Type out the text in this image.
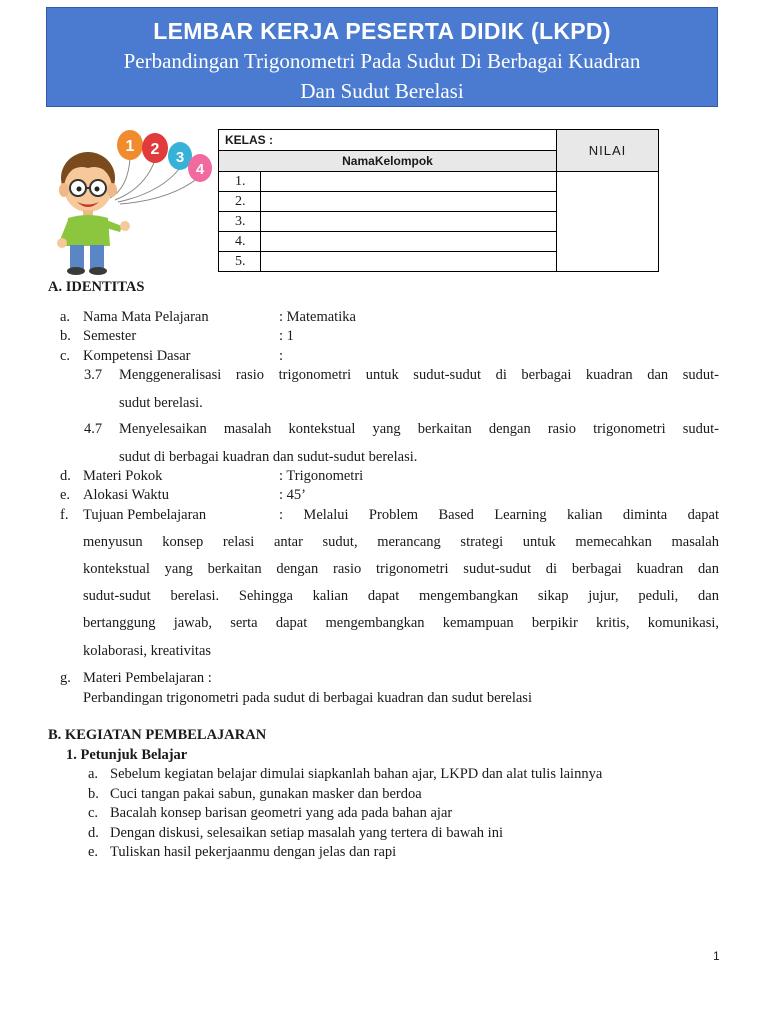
LEMBAR KERJA PESERTA DIDIK (LKPD)
Perbandingan Trigonometri Pada Sudut Di Berbagai Kuadran
Dan Sudut Berelasi
1 2 3
4
KELAS :		NILAI
NamaKelompok		
1.		
2.		
3.		
4.		
5.		
A. IDENTITAS
a. Nama Mata Pelajaran	: Matematika
b. Semester	: 1
c. Kompetensi Dasar	:
3.7 Menggeneralisasi rasio trigonometri untuk sudut-sudut di berbagai kuadran dan sudut-
sudut berelasi.
4.7 Menyelesaikan masalah kontekstual yang berkaitan dengan rasio trigonometri sudut-
sudut di berbagai kuadran dan sudut-sudut berelasi.
d. Materi Pokok	: Trigonometri
e. Alokasi Waktu	: 45’
f. Tujuan Pembelajaran	: Melalui Problem Based Learning kalian diminta dapat
menyusun konsep relasi antar sudut, merancang strategi untuk memecahkan masalah
kontekstual yang berkaitan dengan rasio trigonometri sudut-sudut di berbagai kuadran dan
sudut-sudut berelasi. Sehingga kalian dapat mengembangkan sikap jujur, peduli, dan
bertanggung jawab, serta dapat mengembangkan kemampuan berpikir kritis, komunikasi,
kolaborasi, kreativitas
g. Materi Pembelajaran :
Perbandingan trigonometri pada sudut di berbagai kuadran dan sudut berelasi
B. KEGIATAN PEMBELAJARAN
1. Petunjuk Belajar
a. Sebelum kegiatan belajar dimulai siapkanlah bahan ajar, LKPD dan alat tulis lainnya
b. Cuci tangan pakai sabun, gunakan masker dan berdoa
c. Bacalah konsep barisan geometri yang ada pada bahan ajar
d. Dengan diskusi, selesaikan setiap masalah yang tertera di bawah ini
e. Tuliskan hasil pekerjaanmu dengan jelas dan rapi
1
